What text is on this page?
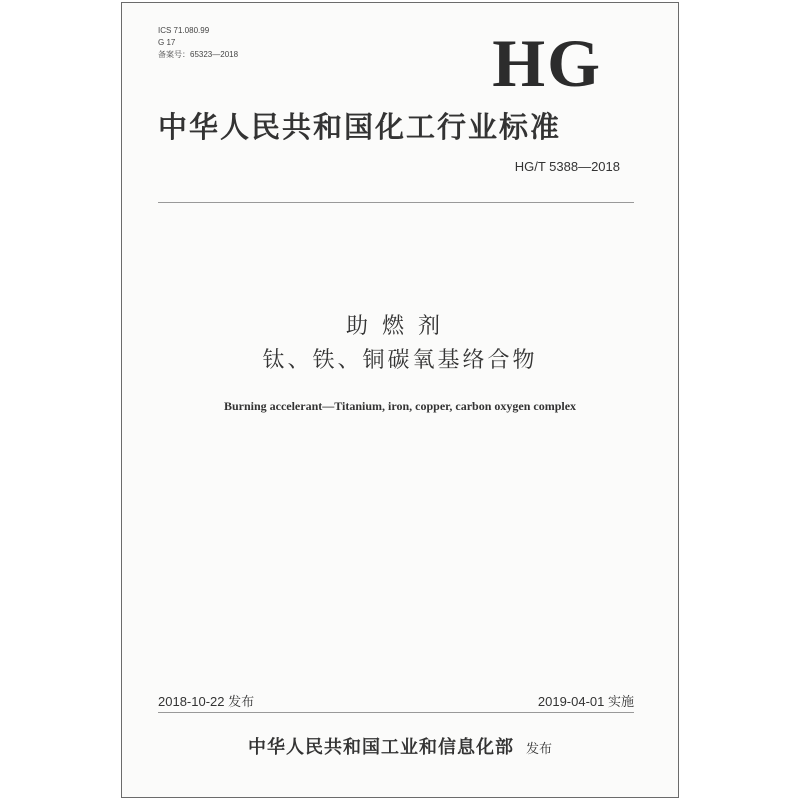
ICS 71.080.99
G 17
备案号：65323—2018	HG
中华人民共和国化工行业标准
HG/T 5388—2018
助燃剂
钛、铁、铜碳氧基络合物
Burning accelerant—Titanium, iron, copper, carbon oxygen complex
2018-10-22 发布	2019-04-01 实施
中华人民共和国工业和信息化部 发布
